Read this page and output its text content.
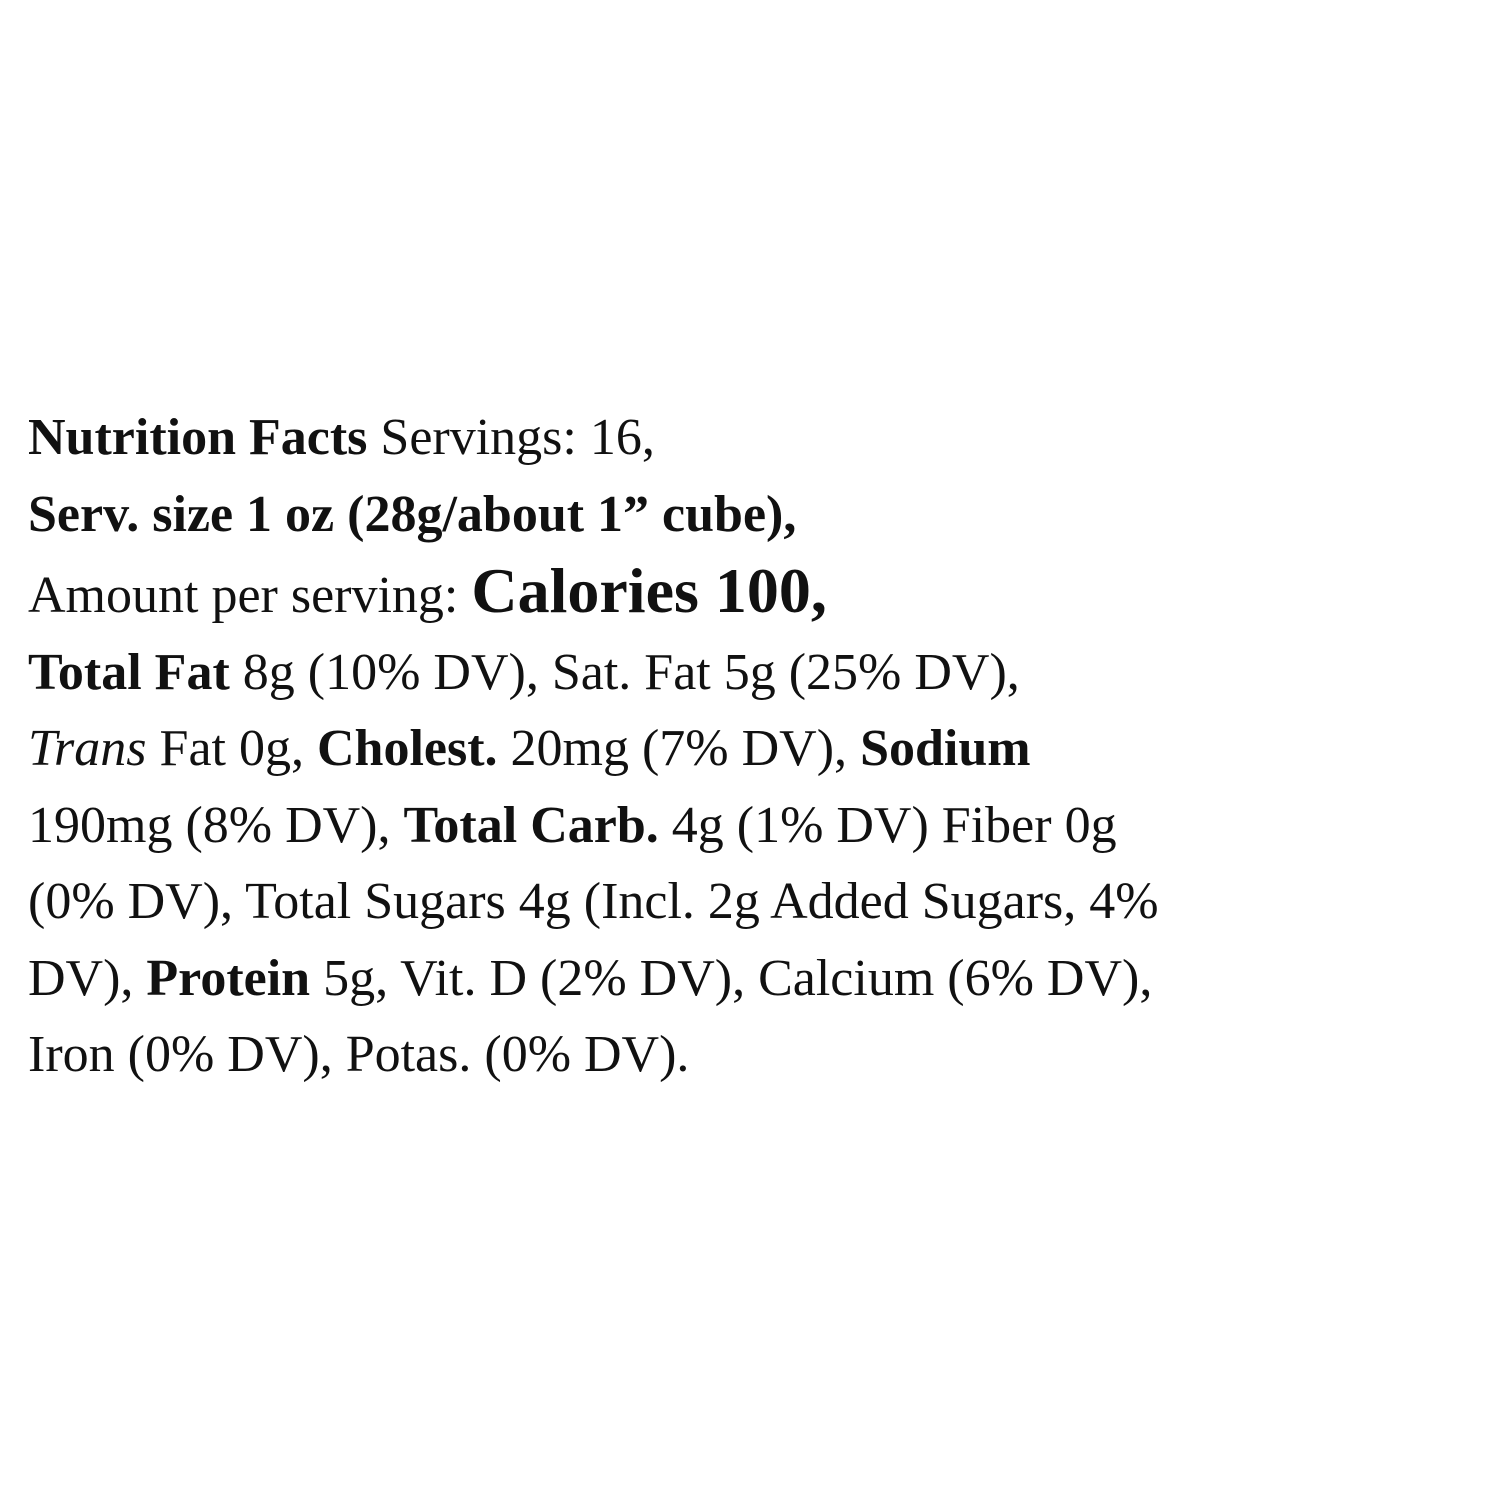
Nutrition Facts Servings: 16,
Serv. size 1 oz (28g/about 1” cube),
Amount per serving: Calories 100,
Total Fat 8g (10% DV), Sat. Fat 5g (25% DV),
Trans Fat 0g, Cholest. 20mg (7% DV), Sodium
190mg (8% DV), Total Carb. 4g (1% DV) Fiber 0g
(0% DV), Total Sugars 4g (Incl. 2g Added Sugars, 4%
DV), Protein 5g, Vit. D (2% DV), Calcium (6% DV),
Iron (0% DV), Potas. (0% DV).
